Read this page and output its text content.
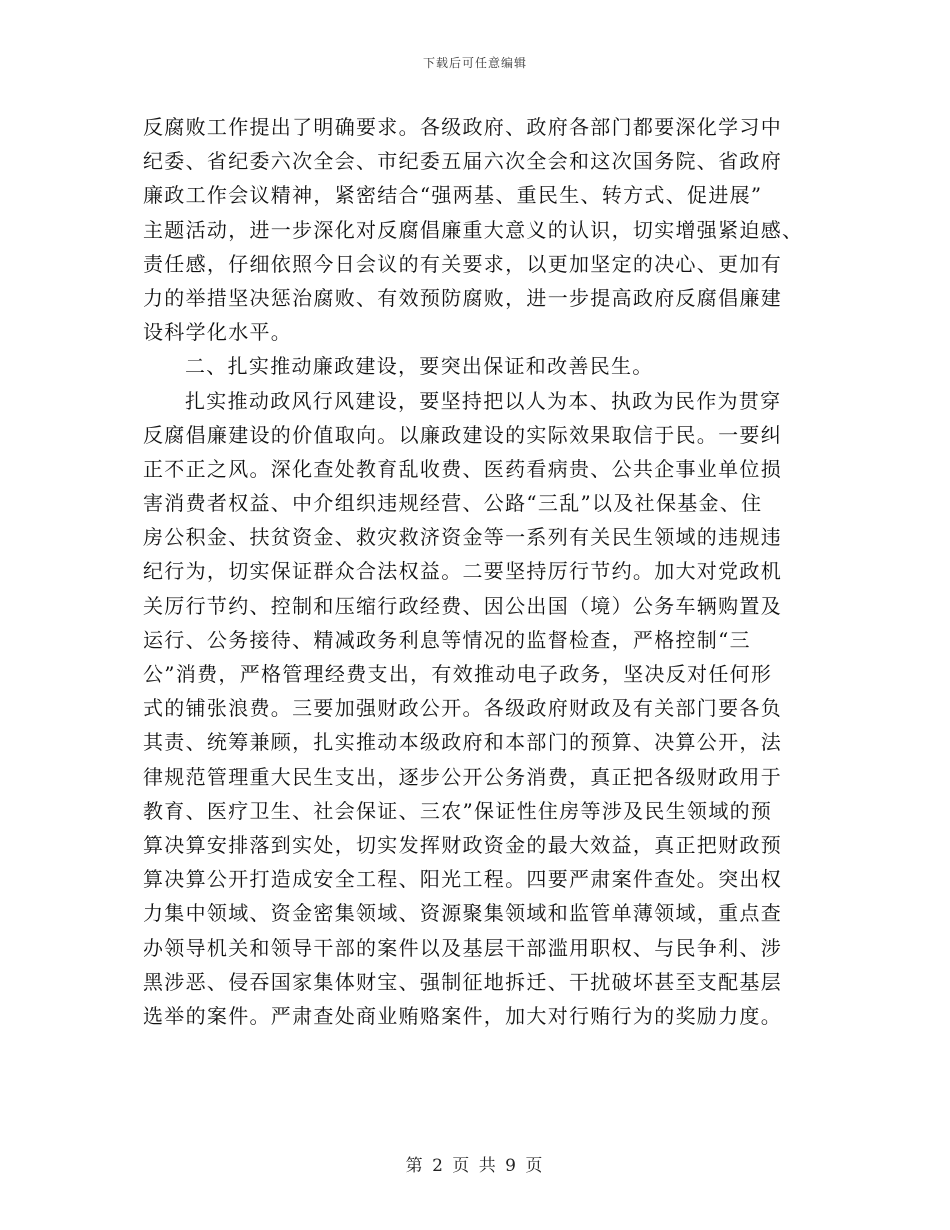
下载后可任意编辑
反腐败工作提出了明确要求。各级政府、政府各部门都要深化学习中
纪委、省纪委六次全会、市纪委五届六次全会和这次国务院、省政府
廉政工作会议精神，紧密结合“强两基、重民生、转方式、促进展”
主题活动，进一步深化对反腐倡廉重大意义的认识，切实增强紧迫感、
责任感，仔细依照今日会议的有关要求，以更加坚定的决心、更加有
力的举措坚决惩治腐败、有效预防腐败，进一步提高政府反腐倡廉建
设科学化水平。
二、扎实推动廉政建设，要突出保证和改善民生。
扎实推动政风行风建设，要坚持把以人为本、执政为民作为贯穿
反腐倡廉建设的价值取向。以廉政建设的实际效果取信于民。一要纠
正不正之风。深化查处教育乱收费、医药看病贵、公共企事业单位损
害消费者权益、中介组织违规经营、公路“三乱”以及社保基金、住
房公积金、扶贫资金、救灾救济资金等一系列有关民生领域的违规违
纪行为，切实保证群众合法权益。二要坚持厉行节约。加大对党政机
关厉行节约、控制和压缩行政经费、因公出国（境）公务车辆购置及
运行、公务接待、精减政务利息等情况的监督检查，严格控制“三
公”消费，严格管理经费支出，有效推动电子政务，坚决反对任何形
式的铺张浪费。三要加强财政公开。各级政府财政及有关部门要各负
其责、统筹兼顾，扎实推动本级政府和本部门的预算、决算公开，法
律规范管理重大民生支出，逐步公开公务消费，真正把各级财政用于
教育、医疗卫生、社会保证、三农”保证性住房等涉及民生领域的预
算决算安排落到实处，切实发挥财政资金的最大效益，真正把财政预
算决算公开打造成安全工程、阳光工程。四要严肃案件查处。突出权
力集中领域、资金密集领域、资源聚集领域和监管单薄领域，重点查
办领导机关和领导干部的案件以及基层干部滥用职权、与民争利、涉
黑涉恶、侵吞国家集体财宝、强制征地拆迁、干扰破坏甚至支配基层
选举的案件。严肃查处商业贿赂案件，加大对行贿行为的奖励力度。
第 2 页 共 9 页
